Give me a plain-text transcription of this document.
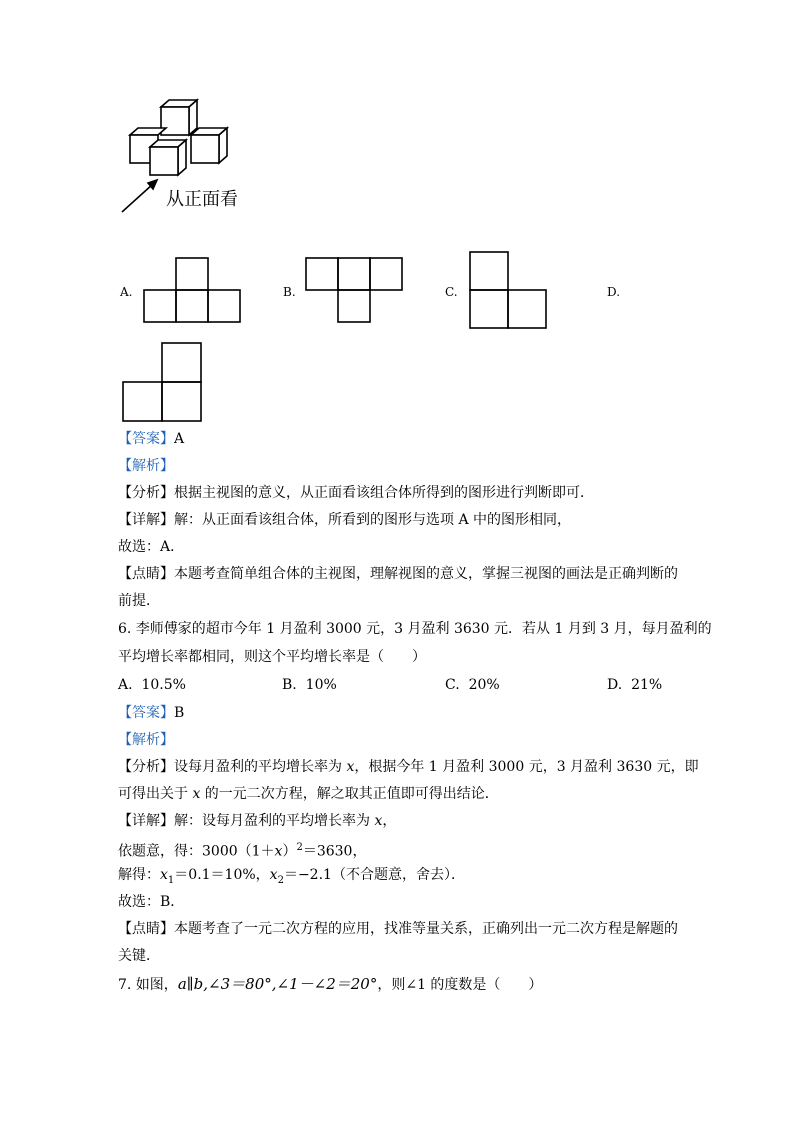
从正面看
A.	B.	C.	D.
【答案】A
【解析】
【分析】根据主视图的意义，从正面看该组合体所得到的图形进行判断即可．
【详解】解：从正面看该组合体，所看到的图形与选项 A 中的图形相同，
故选：A．
【点睛】本题考查简单组合体的主视图，理解视图的意义，掌握三视图的画法是正确判断的
前提．
6. 李师傅家的超市今年 1 月盈利 3000 元，3 月盈利 3630 元．若从 1 月到 3 月，每月盈利的
平均增长率都相同，则这个平均增长率是（　　）
A. 10.5%	B. 10%	C. 20%	D. 21%
【答案】B
【解析】
【分析】设每月盈利的平均增长率为 x，根据今年 1 月盈利 3000 元，3 月盈利 3630 元，即
可得出关于 x 的一元二次方程，解之取其正值即可得出结论．
【详解】解：设每月盈利的平均增长率为 x，
依题意，得：$3000(1+x)^2=3630$，
解得：$x_1=0.1=10\%$，$x_2=-2.1$（不合题意，舍去）．
故选：B．
【点睛】本题考查了一元二次方程的应用，找准等量关系，正确列出一元二次方程是解题的
关键．
7. 如图，a∥b,∠3＝80°,∠1－∠2＝20°，则∠1 的度数是（　　）
